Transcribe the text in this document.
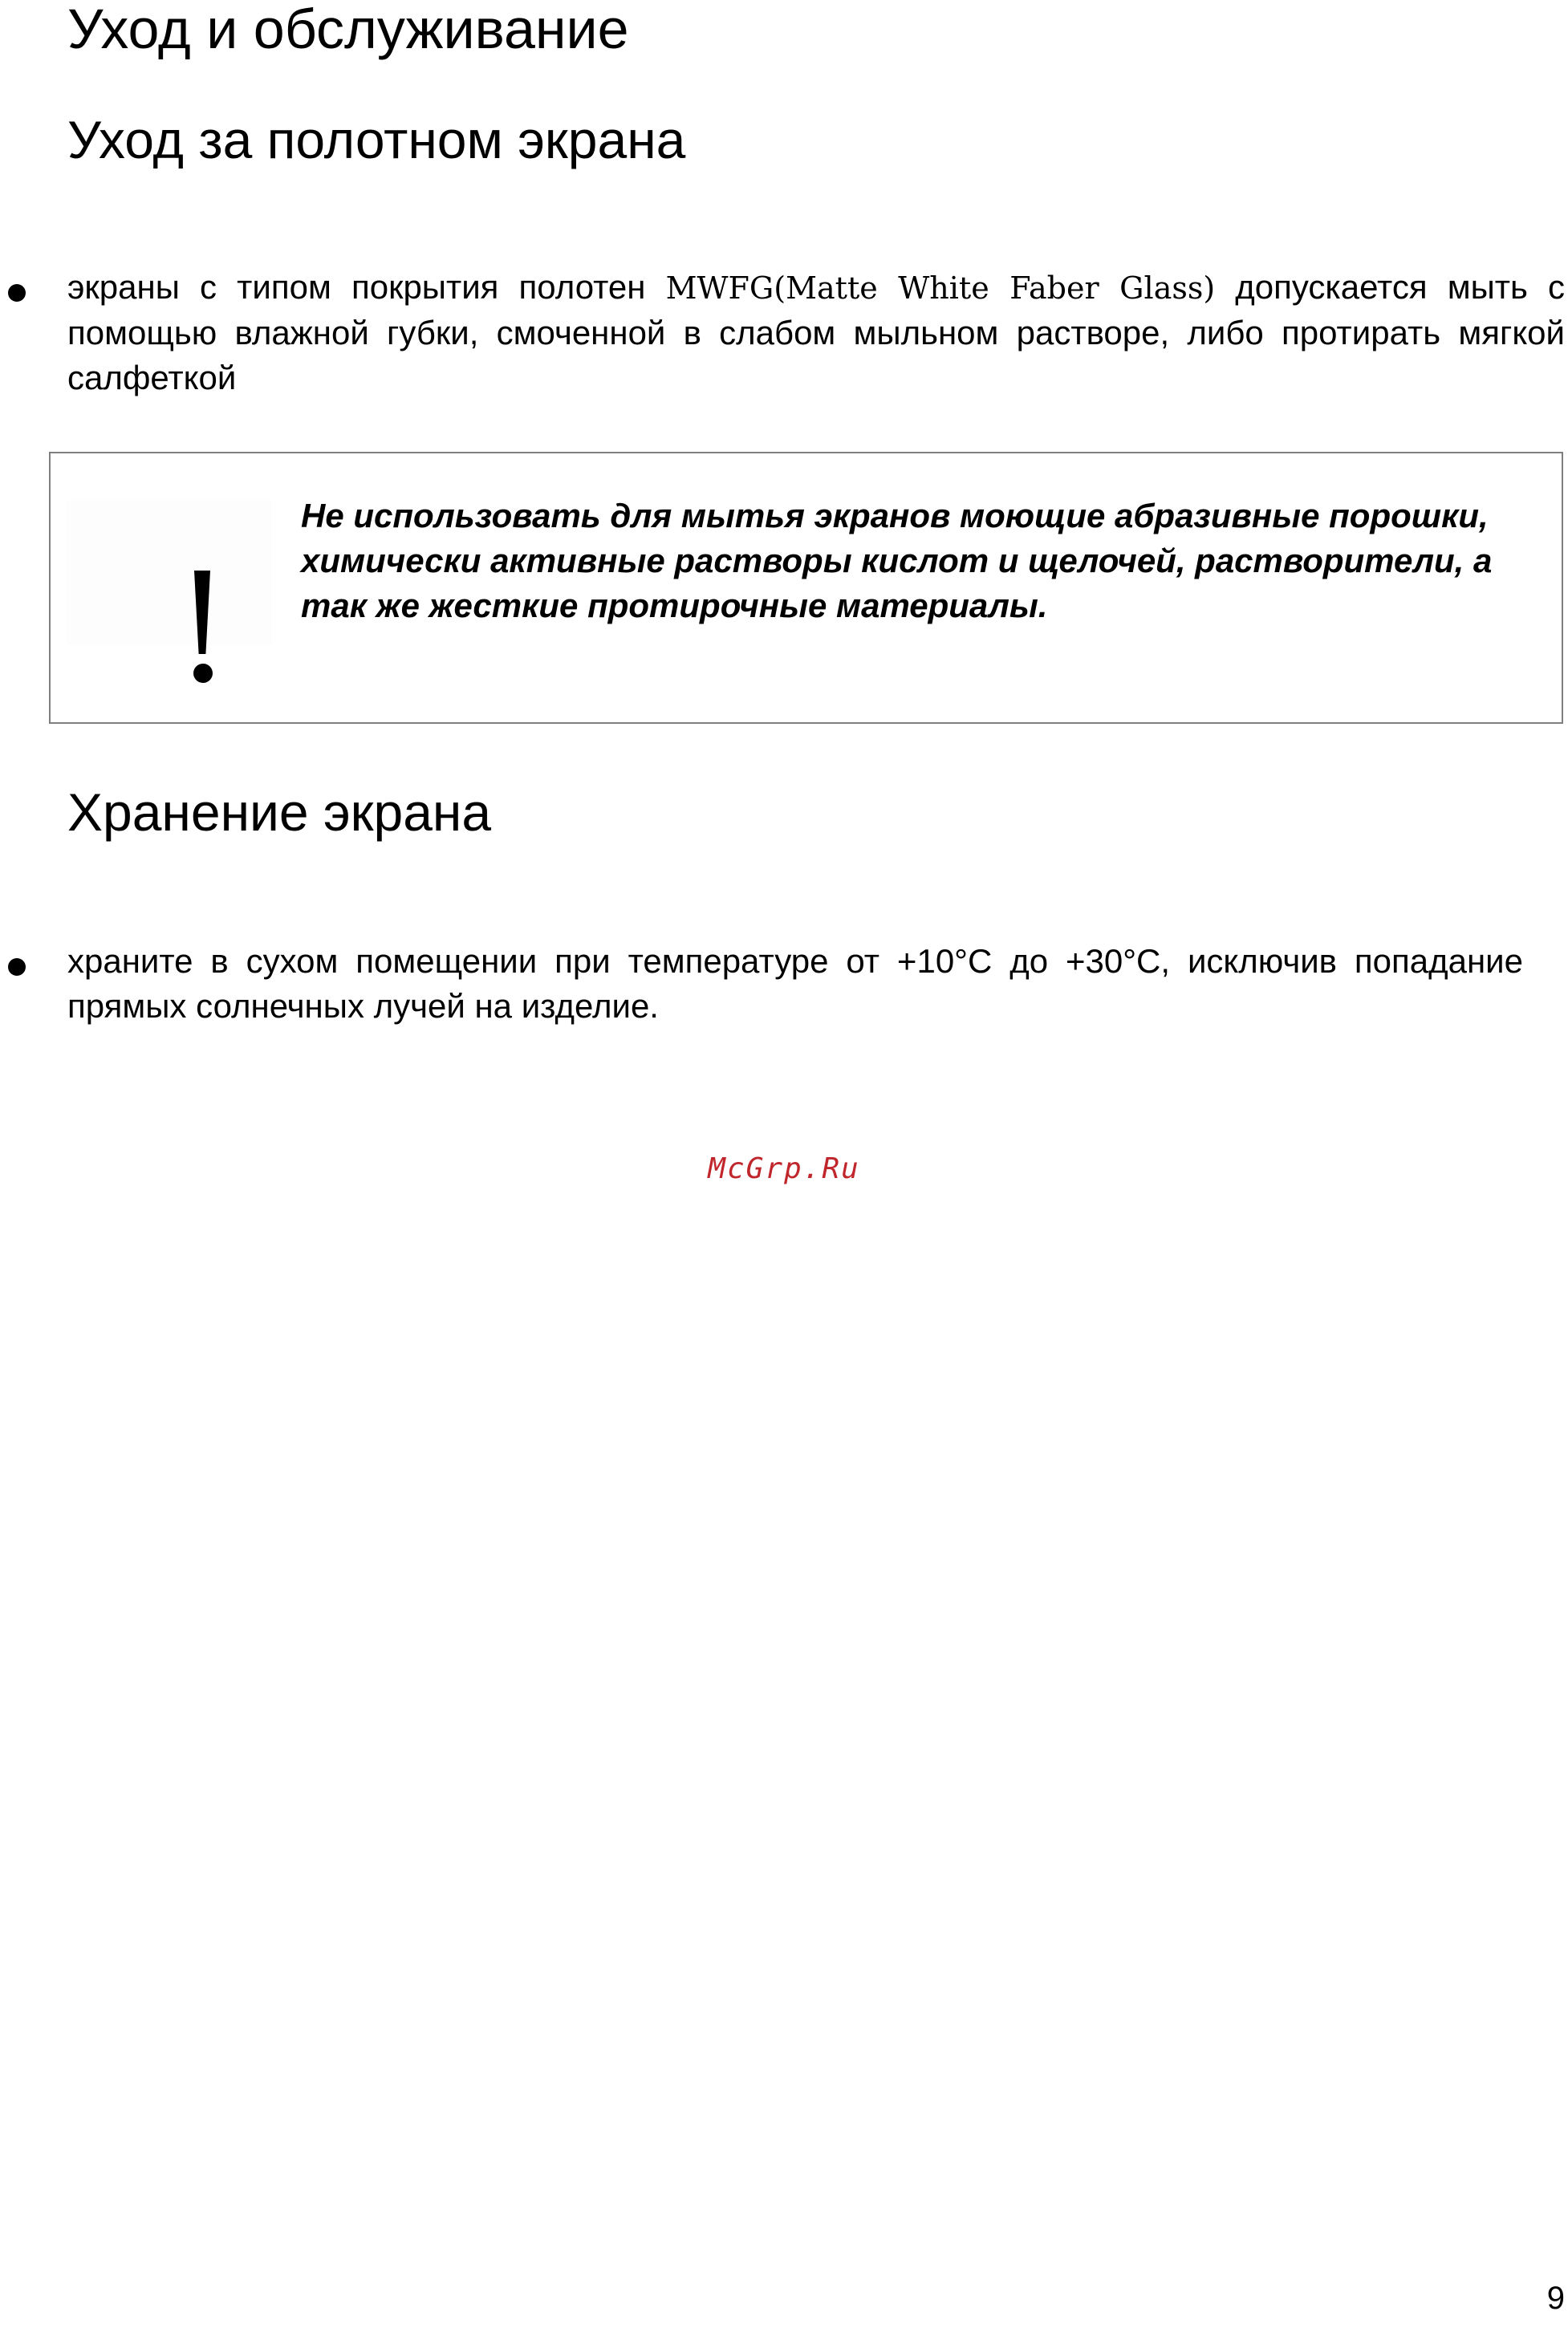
Уход и обслуживание
Уход за полотном экрана
экраны с типом покрытия полотен MWFG(Matte White Faber Glass) допускается мыть с помощью влажной губки, смоченной в слабом мыльном растворе, либо протирать мягкой салфеткой

Не использовать для мытья экранов моющие абразивные порошки, химически активные растворы кислот и щелочей, растворители, а так же жесткие протирочные материалы.

Хранение экрана
храните в сухом помещении при температуре от +10°C до +30°C, исключив попадание прямых солнечных лучей на изделие.
McGrp.Ru
9
